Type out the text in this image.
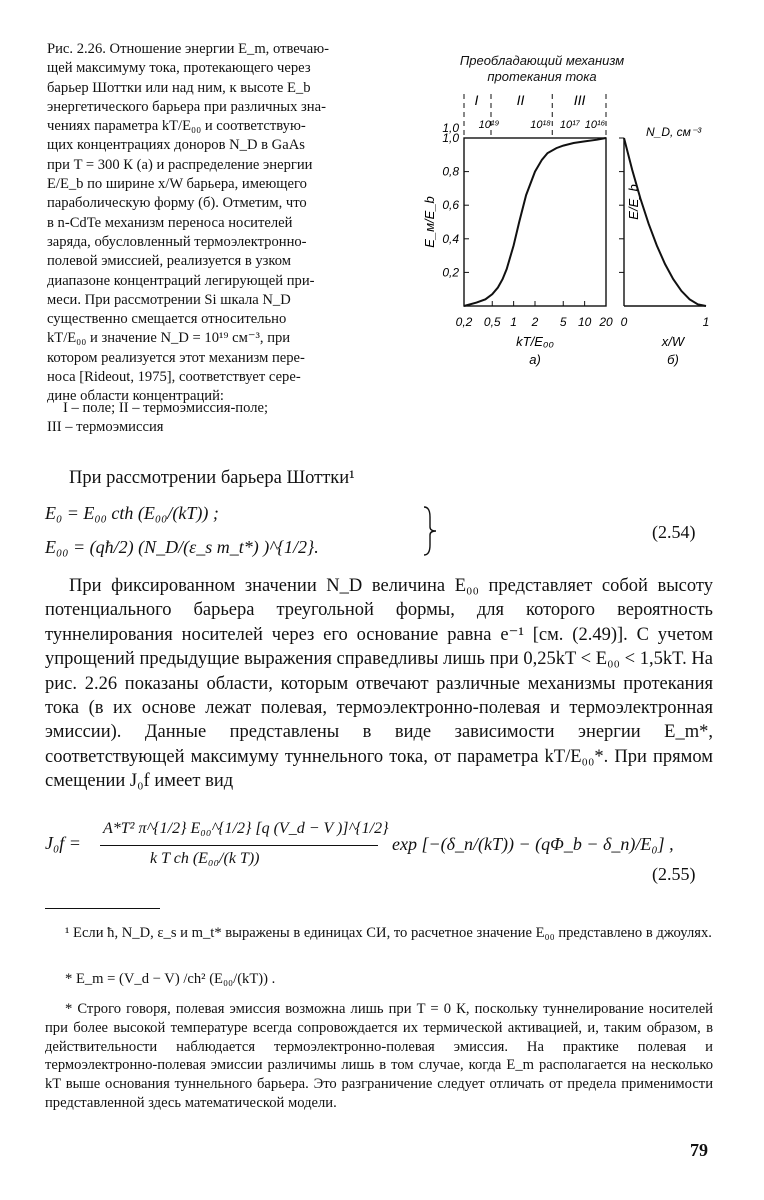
Рис. 2.26. Отношение энергии E_m, отвечаю-
щей максимуму тока, протекающего через
барьер Шоттки или над ним, к высоте E_b
энергетического барьера при различных зна-
чениях параметра kT/E₀₀ и соответствую-
щих концентрациях доноров N_D в GaAs
при T = 300 К (a) и распределение энергии
E/E_b по ширине x/W барьера, имеющего
параболическую форму (б). Отметим, что
в n-CdTe механизм переноса носителей
заряда, обусловленный термоэлектронно-
полевой эмиссией, реализуется в узком
диапазоне концентраций легирующей при-
меси. При рассмотрении Si шкала N_D
существенно смещается относительно
kT/E₀₀ и значение N_D = 10¹⁹ см⁻³, при
котором реализуется этот механизм пере-
носа [Rideout, 1975], соответствует сере-
дине области концентраций:
I – поле; II – термоэмиссия-поле;
III – термоэмиссия
Преобладающий механизм
протекания тока
0,2
0,4
0,6
0,8
1,0
0,2 0,5 1 2 5 10 20
kT/E₀₀
а)
E_м/E_b
I	II	III
10¹⁹	10¹⁸ 10¹⁷ 10¹⁶
1,0
0	1
x/W
б)
E/E_b
N_D, см⁻³
При рассмотрении барьера Шоттки¹
E₀ = E₀₀ cth (E₀₀/(kT)) ;
E₀₀ = (qħ/2) (N_D/(ε_s m_t*) )^{1/2}.
(2.54)
При фиксированном значении N_D величина E₀₀ представляет собой высоту потенциального барьера треугольной формы, для которого вероятность туннелирования носителей через его основание равна e⁻¹ [см. (2.49)]. С учетом упрощений предыдущие выражения справедливы лишь при 0,25kT < E₀₀ < 1,5kT. На рис. 2.26 показаны области, которым отвечают различные механизмы протекания тока (в их основе лежат полевая, термоэлектронно-полевая и термоэлектронная эмиссии). Данные представлены в виде зависимости энергии E_m*, соответствующей максимуму туннельного тока, от параметра kT/E₀₀*. При прямом смещении J₀f имеет вид
J₀f =
A*T² π^{1/2} E₀₀^{1/2} [q (V_d − V )]^{1/2}
k T ch (E₀₀/(k T))
exp [−(δ_n/(kT)) − (qΦ_b − δ_n)/E₀] ,
(2.55)
¹ Если ħ, N_D, ε_s и m_t* выражены в единицах СИ, то расчетное значение E₀₀ представлено в джоулях.
* E_m = (V_d − V) /ch² (E₀₀/(kT)) .
* Строго говоря, полевая эмиссия возможна лишь при T = 0 К, поскольку туннелирование носителей при более высокой температуре всегда сопровождается их термической активацией, и, таким образом, в действительности наблюдается термоэлектронно-полевая эмиссия. На практике полевая и термоэлектронно-полевая эмиссии различимы лишь в том случае, когда E_m располагается на несколько kT выше основания туннельного барьера. Это разграничение следует отличать от предела применимости представленной здесь математической модели.
79
